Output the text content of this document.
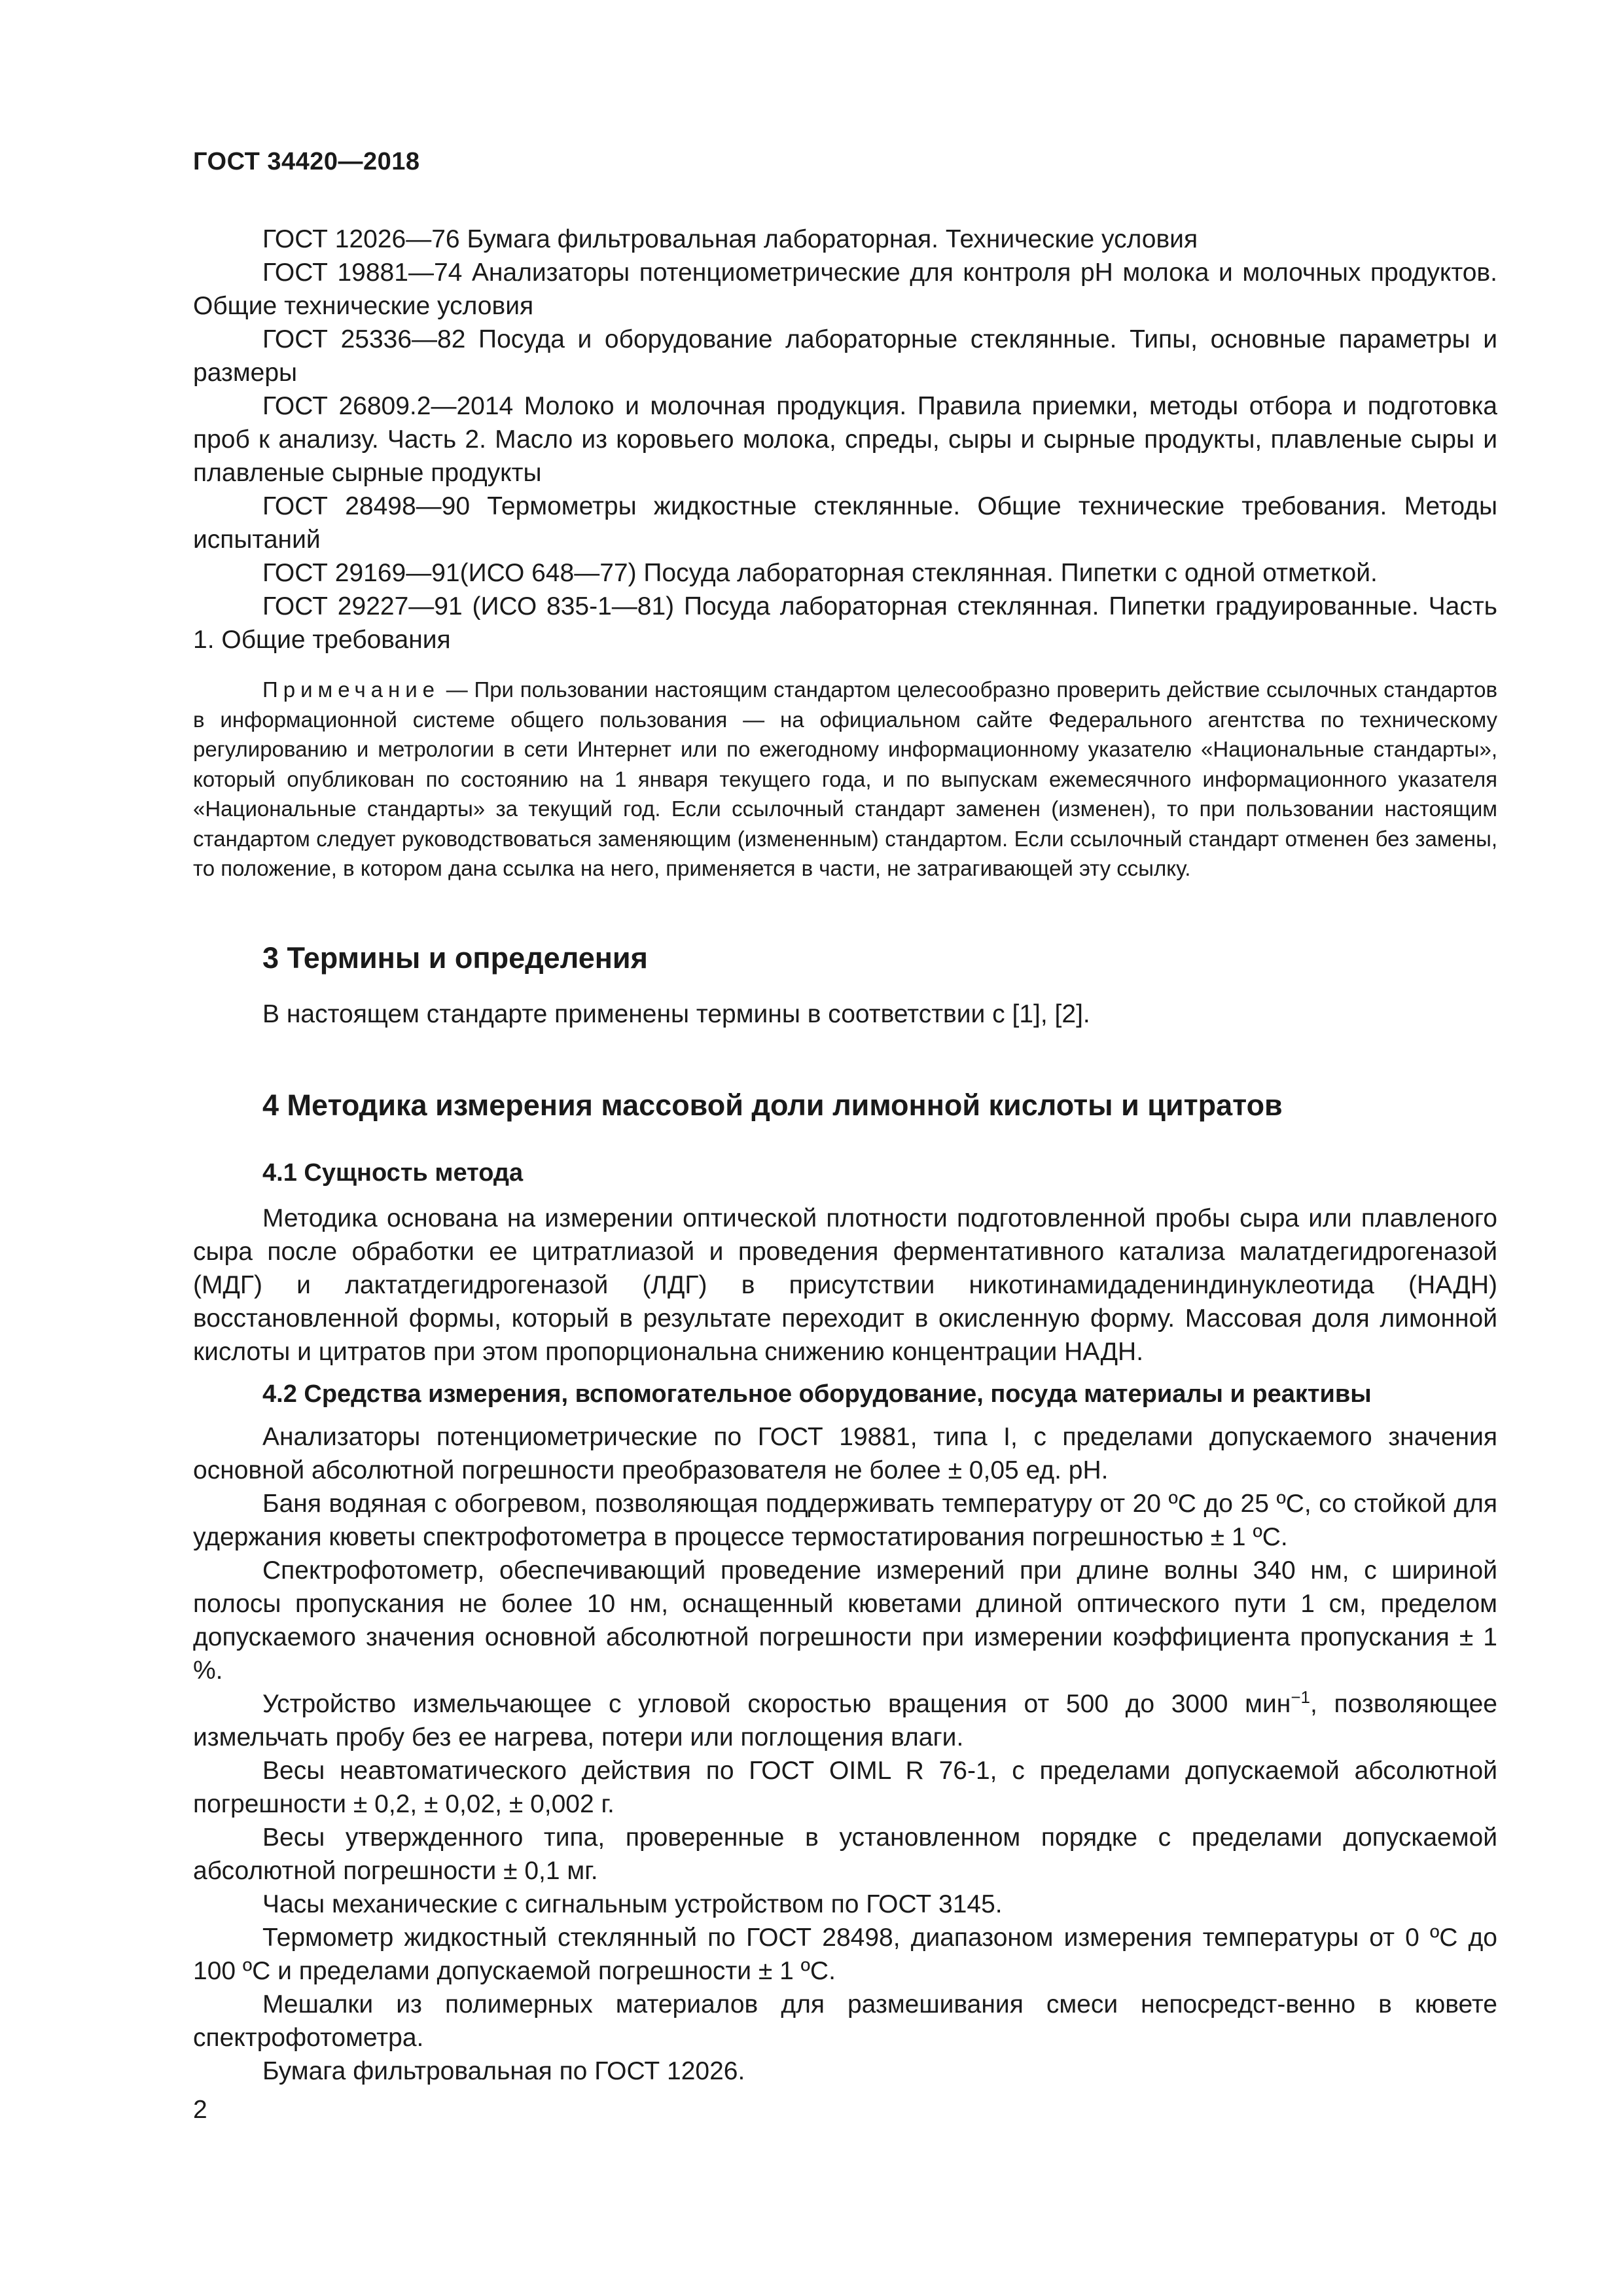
ГОСТ 34420—2018

ГОСТ 12026—76 Бумага фильтровальная лабораторная. Технические условия

ГОСТ 19881—74 Анализаторы потенциометрические для контроля pH молока и молочных продуктов. Общие технические условия

ГОСТ 25336—82 Посуда и оборудование лабораторные стеклянные. Типы, основные параметры и размеры

ГОСТ 26809.2—2014 Молоко и молочная продукция. Правила приемки, методы отбора и подготовка проб к анализу. Часть 2. Масло из коровьего молока, спреды, сыры и сырные продукты, плавленые сыры и плавленые сырные продукты

ГОСТ 28498—90 Термометры жидкостные стеклянные. Общие технические требования. Методы испытаний

ГОСТ 29169—91(ИСО 648—77) Посуда лабораторная стеклянная. Пипетки с одной отметкой.

ГОСТ 29227—91 (ИСО 835-1—81) Посуда лабораторная стеклянная. Пипетки градуированные. Часть 1. Общие требования

Примечание — При пользовании настоящим стандартом целесообразно проверить действие ссылочных стандартов в информационной системе общего пользования — на официальном сайте Федерального агентства по техническому регулированию и метрологии в сети Интернет или по ежегодному информационному указателю «Национальные стандарты», который опубликован по состоянию на 1 января текущего года, и по выпускам ежемесячного информационного указателя «Национальные стандарты» за текущий год. Если ссылочный стандарт заменен (изменен), то при пользовании настоящим стандартом следует руководствоваться заменяющим (измененным) стандартом. Если ссылочный стандарт отменен без замены, то положение, в котором дана ссылка на него, применяется в части, не затрагивающей эту ссылку.

3 Термины и определения

В настоящем стандарте применены термины в соответствии с [1], [2].

4 Методика измерения массовой доли лимонной кислоты и цитратов
4.1 Сущность метода

Методика основана на измерении оптической плотности подготовленной пробы сыра или плавленого сыра после обработки ее цитратлиазой и проведения ферментативного катализа малатдегидрогеназой (МДГ) и лактатдегидрогеназой (ЛДГ) в присутствии никотинамидадениндинуклеотида (НАДН) восстановленной формы, который в результате переходит в окисленную форму. Массовая доля лимонной кислоты и цитратов при этом пропорциональна снижению концентрации НАДН.

4.2 Средства измерения, вспомогательное оборудование, посуда материалы и реактивы

Анализаторы потенциометрические по ГОСТ 19881, типа I, с пределами допускаемого значения основной абсолютной погрешности преобразователя не более ± 0,05 ед. рН.

Баня водяная с обогревом, позволяющая поддерживать температуру от 20 ºС до 25 ºС, со стойкой для удержания кюветы спектрофотометра в процессе термостатирования погрешностью ± 1 ºС.

Спектрофотометр, обеспечивающий проведение измерений при длине волны 340 нм, с шириной полосы пропускания не более 10 нм, оснащенный кюветами длиной оптического пути 1 см, пределом допускаемого значения основной абсолютной погрешности при измерении коэффициента пропускания ± 1 %.

Устройство измельчающее с угловой скоростью вращения от 500 до 3000 мин$^{-1}$, позволяющее измельчать пробу без ее нагрева, потери или поглощения влаги.

Весы неавтоматического действия по ГОСТ OIML R 76-1, с пределами допускаемой абсолютной погрешности ± 0,2, ± 0,02, ± 0,002 г.

Весы утвержденного типа, проверенные в установленном порядке с пределами допускаемой абсолютной погрешности ± 0,1 мг.

Часы механические с сигнальным устройством по ГОСТ 3145.

Термометр жидкостный стеклянный по ГОСТ 28498, диапазоном измерения температуры от 0 ºС до 100 ºС и пределами допускаемой погрешности ± 1 ºС.

Мешалки из полимерных материалов для размешивания смеси непосредст-венно в кювете спектрофотометра.

Бумага фильтровальная по ГОСТ 12026.

2
